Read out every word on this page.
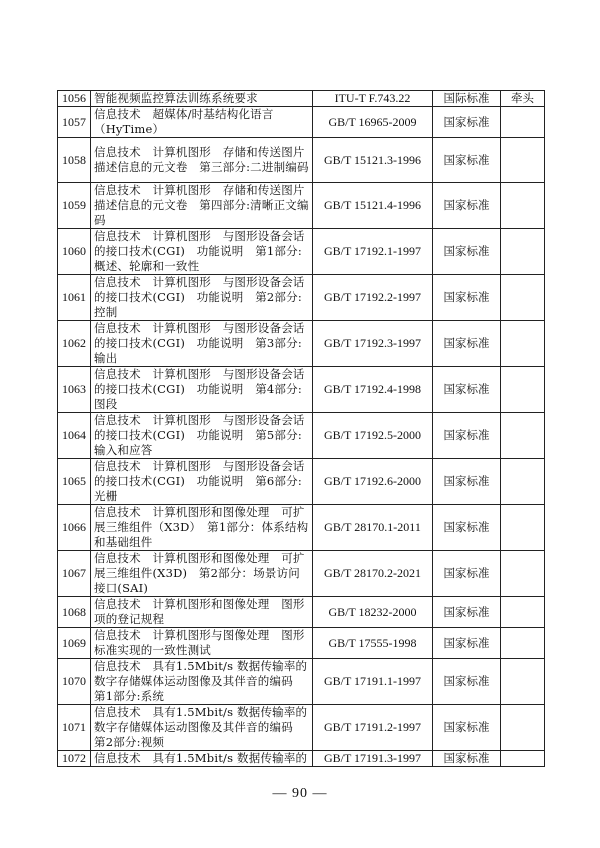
1056	智能视频监控算法训练系统要求	ITU-T F.743.22	国际标准	牵头
1057	信息技术　超媒体/时基结构化语言（HyTime）	GB/T 16965-2009	国家标准	
1058	信息技术　计算机图形　存储和传送图片描述信息的元文卷　第三部分:二进制编码	GB/T 15121.3-1996	国家标准	
1059	信息技术　计算机图形　存储和传送图片描述信息的元文卷　第四部分:清晰正文编码	GB/T 15121.4-1996	国家标准	
1060	信息技术　计算机图形　与图形设备会话的接口技术(CGI)　功能说明　第1部分:概述、轮廓和一致性	GB/T 17192.1-1997	国家标准	
1061	信息技术　计算机图形　与图形设备会话的接口技术(CGI)　功能说明　第2部分:控制	GB/T 17192.2-1997	国家标准	
1062	信息技术　计算机图形　与图形设备会话的接口技术(CGI)　功能说明　第3部分:输出	GB/T 17192.3-1997	国家标准	
1063	信息技术　计算机图形　与图形设备会话的接口技术(CGI)　功能说明　第4部分:图段	GB/T 17192.4-1998	国家标准	
1064	信息技术　计算机图形　与图形设备会话的接口技术(CGI)　功能说明　第5部分:输入和应答	GB/T 17192.5-2000	国家标准	
1065	信息技术　计算机图形　与图形设备会话的接口技术(CGI)　功能说明　第6部分:光栅	GB/T 17192.6-2000	国家标准	
1066	信息技术　计算机图形和图像处理　可扩展三维组件（X3D）　第1部分：体系结构和基础组件	GB/T 28170.1-2011	国家标准	
1067	信息技术　计算机图形和图像处理　可扩展三维组件(X3D)　第2部分：场景访问接口(SAI)	GB/T 28170.2-2021	国家标准	
1068	信息技术　计算机图形和图像处理　图形项的登记规程	GB/T 18232-2000	国家标准	
1069	信息技术　计算机图形与图像处理　图形标准实现的一致性测试	GB/T 17555-1998	国家标准	
1070	信息技术　具有1.5Mbit/s 数据传输率的数字存储媒体运动图像及其伴音的编码　第1部分:系统	GB/T 17191.1-1997	国家标准	
1071	信息技术　具有1.5Mbit/s 数据传输率的数字存储媒体运动图像及其伴音的编码　第2部分:视频	GB/T 17191.2-1997	国家标准	
1072	信息技术　具有1.5Mbit/s 数据传输率的	GB/T 17191.3-1997	国家标准	
— 90 —
